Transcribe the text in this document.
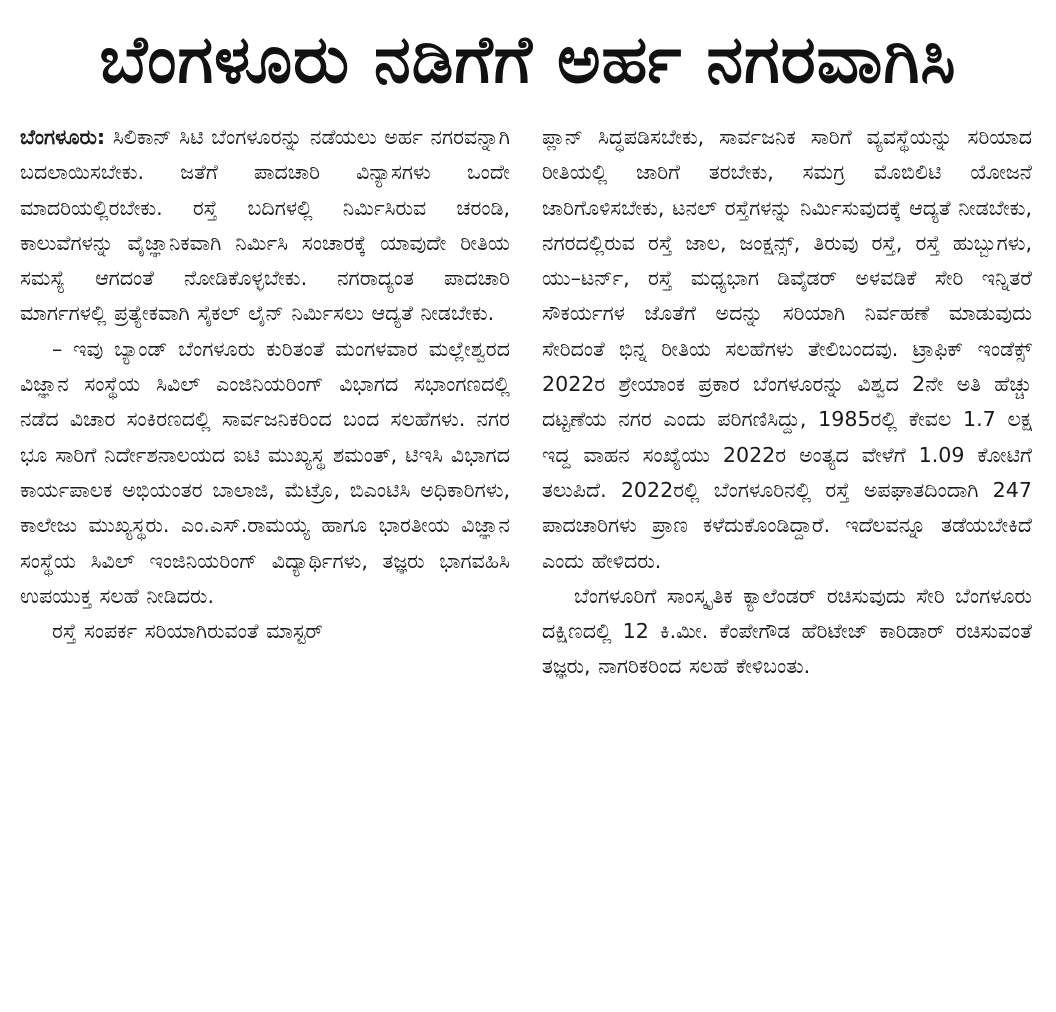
ಬೆಂಗಳೂರು ನಡಿಗೆಗೆ ಅರ್ಹ ನಗರವಾಗಿಸಿ

ಬೆಂಗಳೂರು: ಸಿಲಿಕಾನ್ ಸಿಟಿ ಬೆಂಗಳೂರನ್ನು ನಡೆಯಲು ಅರ್ಹ ನಗರವನ್ನಾಗಿ ಬದಲಾಯಿಸಬೇಕು. ಜತೆಗೆ ಪಾದಚಾರಿ ವಿನ್ಯಾಸಗಳು ಒಂದೇ ಮಾದರಿಯಲ್ಲಿರಬೇಕು. ರಸ್ತೆ ಬದಿಗಳಲ್ಲಿ ನಿರ್ಮಿಸಿರುವ ಚರಂಡಿ, ಕಾಲುವೆಗಳನ್ನು ವೈಜ್ಞಾನಿಕವಾಗಿ ನಿರ್ಮಿಸಿ ಸಂಚಾರಕ್ಕೆ ಯಾವುದೇ ರೀತಿಯ ಸಮಸ್ಯೆ ಆಗದಂತೆ ನೋಡಿಕೊಳ್ಳಬೇಕು. ನಗರಾದ್ಯಂತ ಪಾದಚಾರಿ ಮಾರ್ಗಗಳಲ್ಲಿ ಪ್ರತ್ಯೇಕವಾಗಿ ಸೈಕಲ್ ಲೈನ್ ನಿರ್ಮಿಸಲು ಆದ್ಯತೆ ನೀಡಬೇಕು.

– ಇವು ಬ್ಯಾಂಡ್ ಬೆಂಗಳೂರು ಕುರಿತಂತೆ ಮಂಗಳವಾರ ಮಲ್ಲೇಶ್ವರದ ವಿಜ್ಞಾನ ಸಂಸ್ಥೆಯ ಸಿವಿಲ್ ಎಂಜಿನಿಯರಿಂಗ್ ವಿಭಾಗದ ಸಭಾಂಗಣದಲ್ಲಿ ನಡೆದ ವಿಚಾರ ಸಂಕಿರಣದಲ್ಲಿ ಸಾರ್ವಜನಿಕರಿಂದ ಬಂದ ಸಲಹೆಗಳು. ನಗರ ಭೂ ಸಾರಿಗೆ ನಿರ್ದೇಶನಾಲಯದ ಐಟಿ ಮುಖ್ಯಸ್ಥ ಶಮಂತ್, ಟಿಇಸಿ ವಿಭಾಗದ ಕಾರ್ಯಪಾಲಕ ಅಭಿಯಂತರ ಬಾಲಾಜಿ, ಮೆಟ್ರೊ, ಬಿಎಂಟಿಸಿ ಅಧಿಕಾರಿಗಳು, ಕಾಲೇಜು ಮುಖ್ಯಸ್ಥರು. ಎಂ.ಎಸ್.ರಾಮಯ್ಯ ಹಾಗೂ ಭಾರತೀಯ ವಿಜ್ಞಾನ ಸಂಸ್ಥೆಯ ಸಿವಿಲ್ ಇಂಜಿನಿಯರಿಂಗ್ ವಿದ್ಯಾರ್ಥಿಗಳು, ತಜ್ಞರು ಭಾಗವಹಿಸಿ ಉಪಯುಕ್ತ ಸಲಹೆ ನೀಡಿದರು.

ರಸ್ತೆ ಸಂಪರ್ಕ ಸರಿಯಾಗಿರುವಂತೆ ಮಾಸ್ಟರ್

ಪ್ಲಾನ್ ಸಿದ್ಧಪಡಿಸಬೇಕು, ಸಾರ್ವಜನಿಕ ಸಾರಿಗೆ ವ್ಯವಸ್ಥೆಯನ್ನು ಸರಿಯಾದ ರೀತಿಯಲ್ಲಿ ಜಾರಿಗೆ ತರಬೇಕು, ಸಮಗ್ರ ಮೊಬಿಲಿಟಿ ಯೋಜನೆ ಜಾರಿಗೊಳಿಸಬೇಕು, ಟನಲ್ ರಸ್ತೆಗಳನ್ನು ನಿರ್ಮಿಸುವುದಕ್ಕೆ ಆದ್ಯತೆ ನೀಡಬೇಕು, ನಗರದಲ್ಲಿರುವ ರಸ್ತೆ ಜಾಲ, ಜಂಕ್ಷನ್ಸ್, ತಿರುವು ರಸ್ತೆ, ರಸ್ತೆ ಹುಬ್ಬುಗಳು, ಯು–ಟರ್ನ್, ರಸ್ತೆ ಮಧ್ಯಭಾಗ ಡಿವೈಡರ್ ಅಳವಡಿಕೆ ಸೇರಿ ಇನ್ನಿತರೆ ಸೌಕರ್ಯಗಳ ಜೊತೆಗೆ ಅದನ್ನು ಸರಿಯಾಗಿ ನಿರ್ವಹಣೆ ಮಾಡುವುದು ಸೇರಿದಂತೆ ಭಿನ್ನ ರೀತಿಯ ಸಲಹೆಗಳು ತೇಲಿಬಂದವು. ಟ್ರಾಫಿಕ್ ಇಂಡೆಕ್ಸ್ 2022ರ ಶ್ರೇಯಾಂಕ ಪ್ರಕಾರ ಬೆಂಗಳೂರನ್ನು ವಿಶ್ವದ 2ನೇ ಅತಿ ಹೆಚ್ಚು ದಟ್ಟಣೆಯ ನಗರ ಎಂದು ಪರಿಗಣಿಸಿದ್ದು, 1985ರಲ್ಲಿ ಕೇವಲ 1.7 ಲಕ್ಷ ಇದ್ದ ವಾಹನ ಸಂಖ್ಯೆಯು 2022ರ ಅಂತ್ಯದ ವೇಳೆಗೆ 1.09 ಕೋಟಿಗೆ ತಲುಪಿದೆ. 2022ರಲ್ಲಿ ಬೆಂಗಳೂರಿನಲ್ಲಿ ರಸ್ತೆ ಅಪಘಾತದಿಂದಾಗಿ 247 ಪಾದಚಾರಿಗಳು ಪ್ರಾಣ ಕಳೆದುಕೊಂಡಿದ್ದಾರೆ. ಇದೆಲವನ್ನೂ ತಡೆಯಬೇಕಿದೆ ಎಂದು ಹೇಳಿದರು.

ಬೆಂಗಳೂರಿಗೆ ಸಾಂಸ್ಕೃತಿಕ ಕ್ಯಾಲೆಂಡರ್ ರಚಿಸುವುದು ಸೇರಿ ಬೆಂಗಳೂರು ದಕ್ಷಿಣದಲ್ಲಿ 12 ಕಿ.ಮೀ. ಕೆಂಪೇಗೌಡ ಹೆರಿಟೇಜ್ ಕಾರಿಡಾರ್ ರಚಿಸುವಂತೆ ತಜ್ಞರು, ನಾಗರಿಕರಿಂದ ಸಲಹೆ ಕೇಳಿಬಂತು.
